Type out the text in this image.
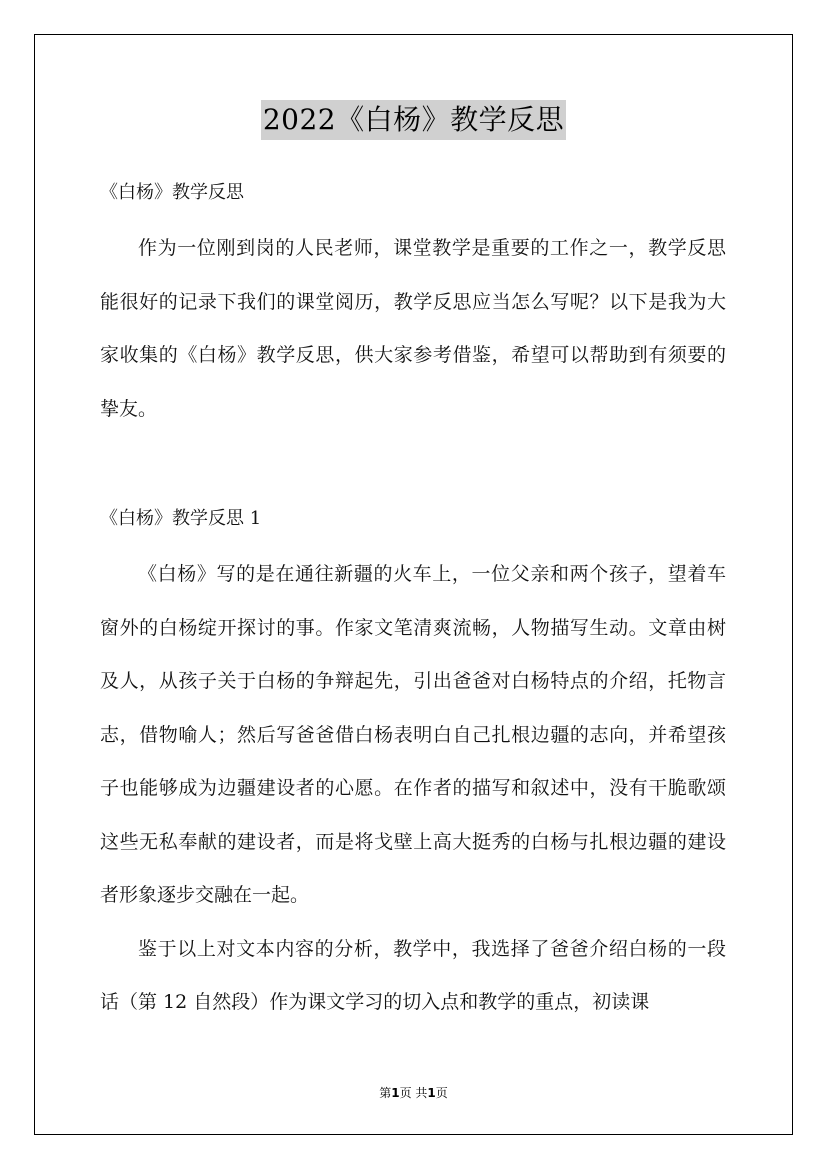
2022《白杨》教学反思

《白杨》教学反思

作为一位刚到岗的人民老师，课堂教学是重要的工作之一，教学反思能很好的记录下我们的课堂阅历，教学反思应当怎么写呢？以下是我为大家收集的《白杨》教学反思，供大家参考借鉴，希望可以帮助到有须要的挚友。

《白杨》教学反思 1

《白杨》写的是在通往新疆的火车上，一位父亲和两个孩子，望着车窗外的白杨绽开探讨的事。作家文笔清爽流畅，人物描写生动。文章由树及人，从孩子关于白杨的争辩起先，引出爸爸对白杨特点的介绍，托物言志，借物喻人；然后写爸爸借白杨表明白自己扎根边疆的志向，并希望孩子也能够成为边疆建设者的心愿。在作者的描写和叙述中，没有干脆歌颂这些无私奉献的建设者，而是将戈壁上高大挺秀的白杨与扎根边疆的建设者形象逐步交融在一起。

鉴于以上对文本内容的分析，教学中，我选择了爸爸介绍白杨的一段话（第 12 自然段）作为课文学习的切入点和教学的重点，初读课

第1页 共1页
